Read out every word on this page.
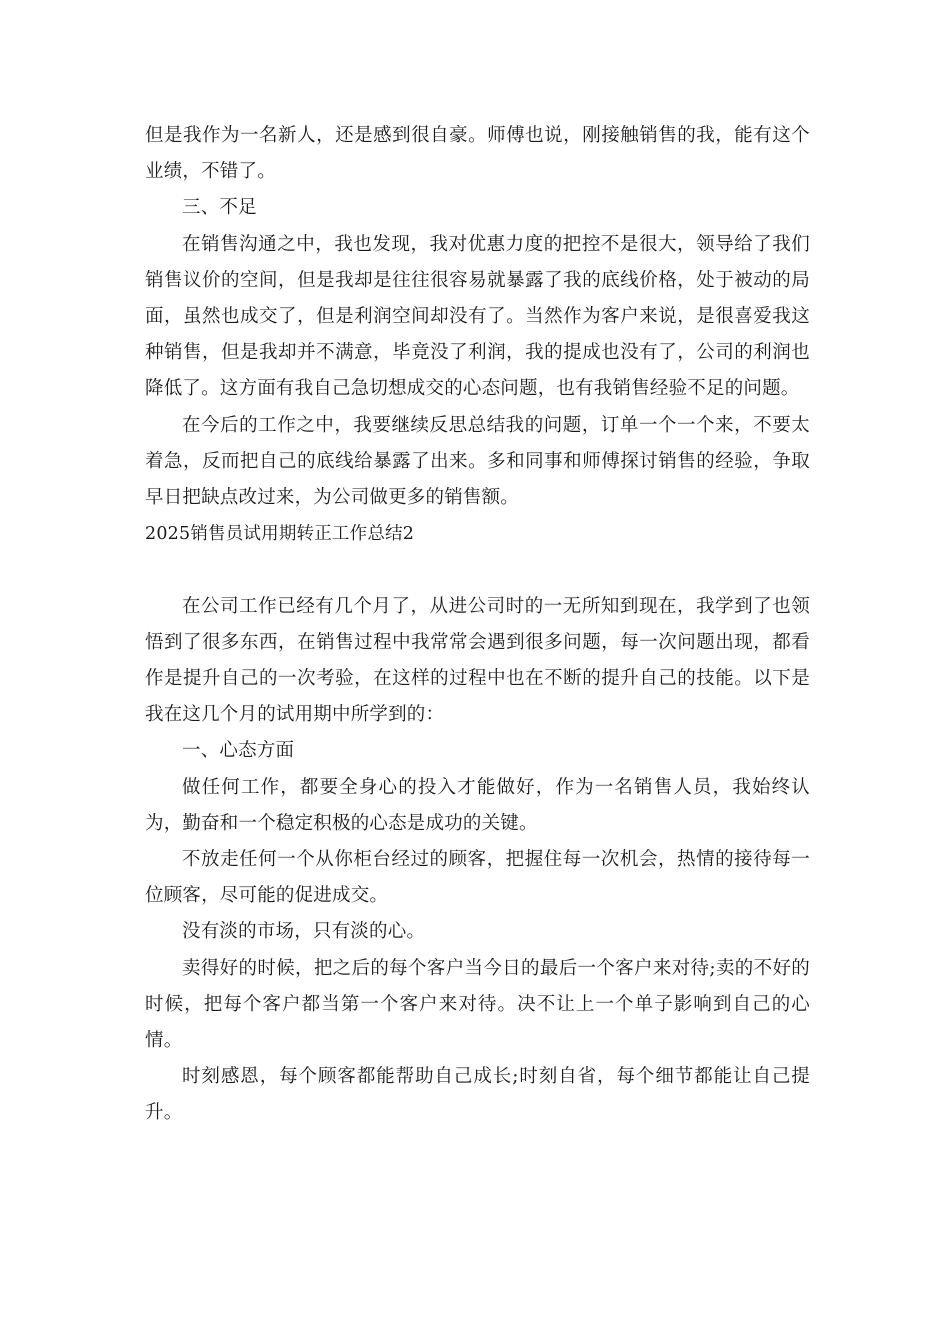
但是我作为一名新人，还是感到很自豪。师傅也说，刚接触销售的我，能有这个业绩，不错了。

三、不足

在销售沟通之中，我也发现，我对优惠力度的把控不是很大，领导给了我们销售议价的空间，但是我却是往往很容易就暴露了我的底线价格，处于被动的局面，虽然也成交了，但是利润空间却没有了。当然作为客户来说，是很喜爱我这种销售，但是我却并不满意，毕竟没了利润，我的提成也没有了，公司的利润也降低了。这方面有我自己急切想成交的心态问题，也有我销售经验不足的问题。

在今后的工作之中，我要继续反思总结我的问题，订单一个一个来，不要太着急，反而把自己的底线给暴露了出来。多和同事和师傅探讨销售的经验，争取早日把缺点改过来，为公司做更多的销售额。

2025销售员试用期转正工作总结2

在公司工作已经有几个月了，从进公司时的一无所知到现在，我学到了也领悟到了很多东西，在销售过程中我常常会遇到很多问题，每一次问题出现，都看作是提升自己的一次考验，在这样的过程中也在不断的提升自己的技能。以下是我在这几个月的试用期中所学到的：

一、心态方面

做任何工作，都要全身心的投入才能做好，作为一名销售人员，我始终认为，勤奋和一个稳定积极的心态是成功的关键。

不放走任何一个从你柜台经过的顾客，把握住每一次机会，热情的接待每一位顾客，尽可能的促进成交。

没有淡的市场，只有淡的心。

卖得好的时候，把之后的每个客户当今日的最后一个客户来对待;卖的不好的时候，把每个客户都当第一个客户来对待。决不让上一个单子影响到自己的心情。

时刻感恩，每个顾客都能帮助自己成长;时刻自省，每个细节都能让自己提升。
